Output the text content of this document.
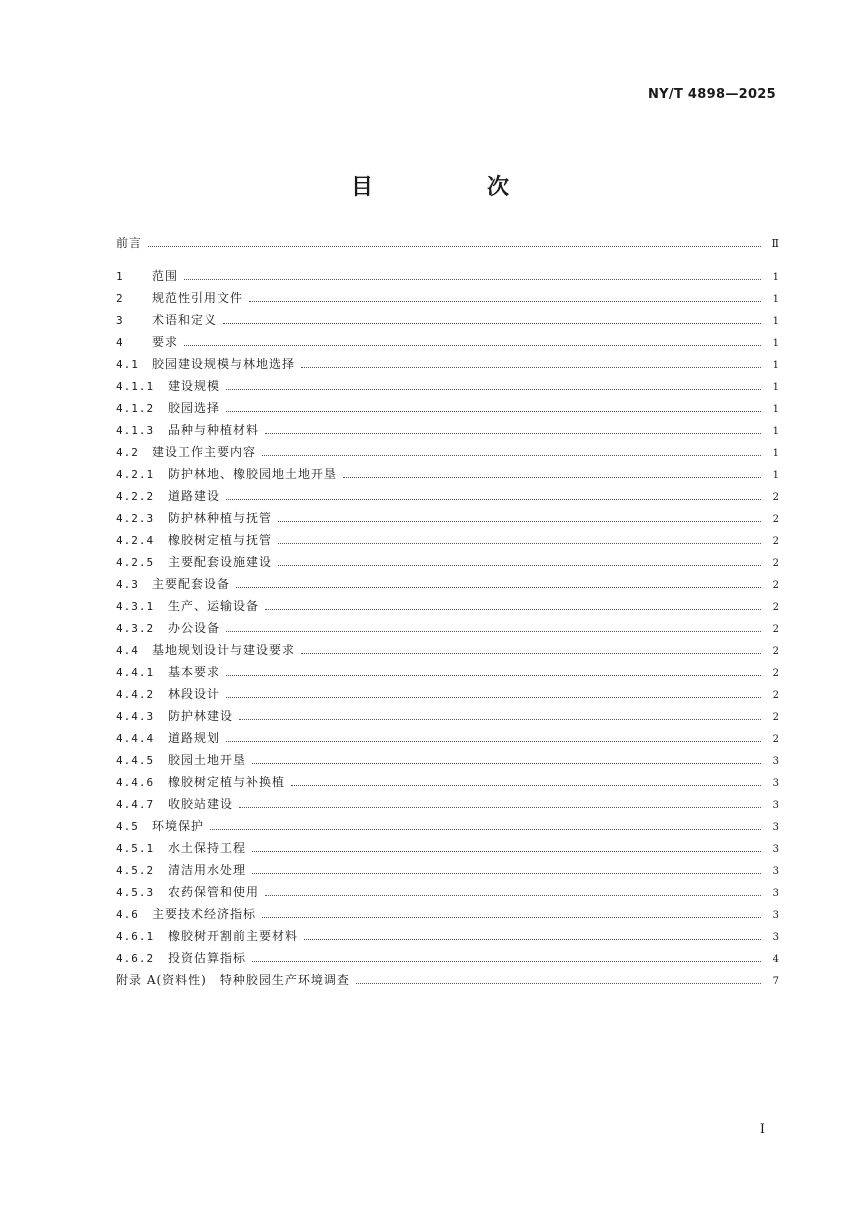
NY/T 4898—2025
目　次
前言	Ⅱ
1	范围	1
2	规范性引用文件	1
3	术语和定义	1
4	要求	1
4.1	胶园建设规模与林地选择	1
4.1.1	建设规模	1
4.1.2	胶园选择	1
4.1.3	品种与种植材料	1
4.2	建设工作主要内容	1
4.2.1	防护林地、橡胶园地土地开垦	1
4.2.2	道路建设	2
4.2.3	防护林种植与抚管	2
4.2.4	橡胶树定植与抚管	2
4.2.5	主要配套设施建设	2
4.3	主要配套设备	2
4.3.1	生产、运输设备	2
4.3.2	办公设备	2
4.4	基地规划设计与建设要求	2
4.4.1	基本要求	2
4.4.2	林段设计	2
4.4.3	防护林建设	2
4.4.4	道路规划	2
4.4.5	胶园土地开垦	3
4.4.6	橡胶树定植与补换植	3
4.4.7	收胶站建设	3
4.5	环境保护	3
4.5.1	水土保持工程	3
4.5.2	清洁用水处理	3
4.5.3	农药保管和使用	3
4.6	主要技术经济指标	3
4.6.1	橡胶树开割前主要材料	3
4.6.2	投资估算指标	4
附录 A(资料性)　特种胶园生产环境调查	7
Ⅰ
